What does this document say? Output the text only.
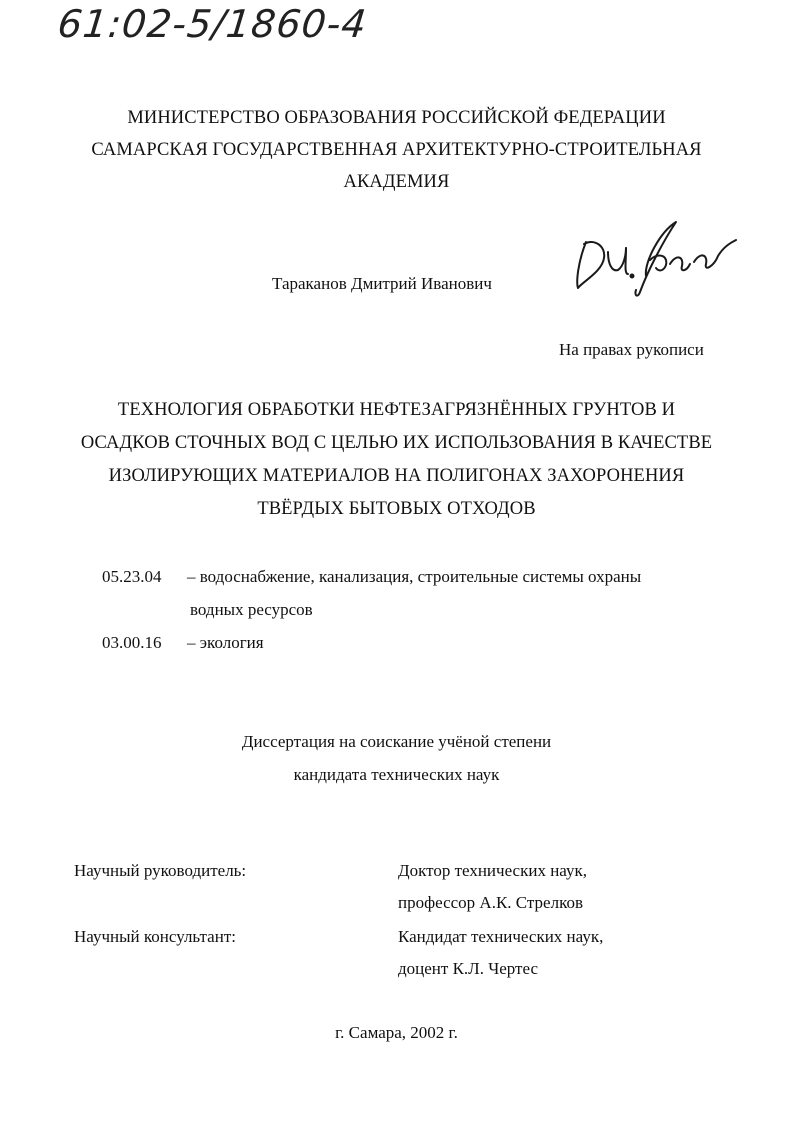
61:02-5/1860-4
МИНИСТЕРСТВО ОБРАЗОВАНИЯ РОССИЙСКОЙ ФЕДЕРАЦИИ
САМАРСКАЯ ГОСУДАРСТВЕННАЯ АРХИТЕКТУРНО-СТРОИТЕЛЬНАЯ
АКАДЕМИЯ
Тараканов Дмитрий Иванович
На правах рукописи
ТЕХНОЛОГИЯ ОБРАБОТКИ НЕФТЕЗАГРЯЗНЁННЫХ ГРУНТОВ И
ОСАДКОВ СТОЧНЫХ ВОД С ЦЕЛЬЮ ИХ ИСПОЛЬЗОВАНИЯ В КАЧЕСТВЕ
ИЗОЛИРУЮЩИХ МАТЕРИАЛОВ НА ПОЛИГОНАХ ЗАХОРОНЕНИЯ
ТВЁРДЫХ БЫТОВЫХ ОТХОДОВ
05.23.04 – водоснабжение, канализация, строительные системы охраны
водных ресурсов
03.00.16 – экология
Диссертация на соискание учёной степени
кандидата технических наук
Научный руководитель:	Доктор технических наук,
профессор А.К. Стрелков
Научный консультант:	Кандидат технических наук,
доцент К.Л. Чертес
г. Самара, 2002 г.
